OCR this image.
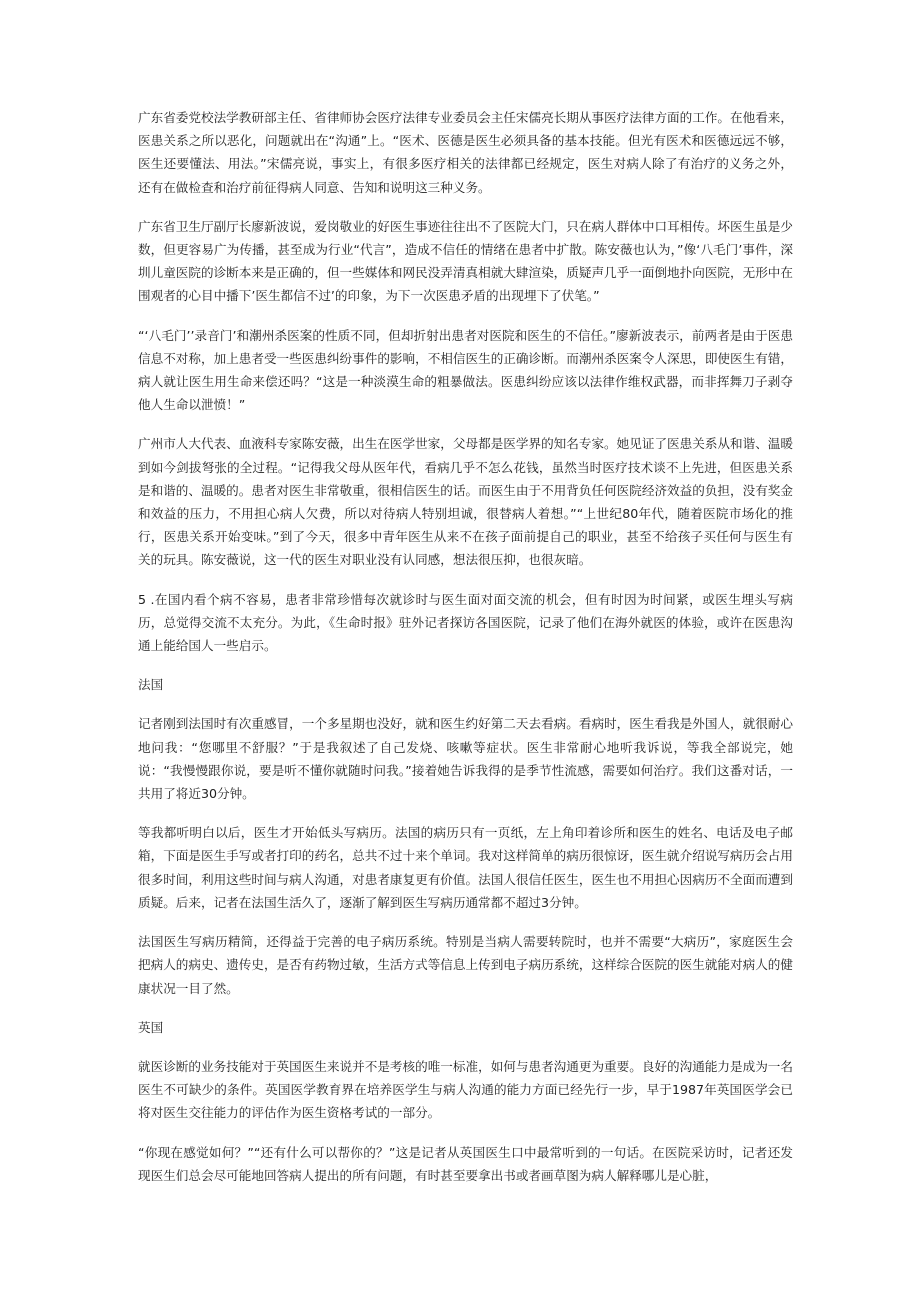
广东省委党校法学教研部主任、省律师协会医疗法律专业委员会主任宋儒亮长期从事医疗法律方面的工作。在他看来，医患关系之所以恶化，问题就出在“沟通”上。“医术、医德是医生必须具备的基本技能。但光有医术和医德远远不够，医生还要懂法、用法。”宋儒亮说，事实上，有很多医疗相关的法律都已经规定，医生对病人除了有治疗的义务之外，还有在做检查和治疗前征得病人同意、告知和说明这三种义务。

广东省卫生厅副厅长廖新波说，爱岗敬业的好医生事迹往往出不了医院大门，只在病人群体中口耳相传。坏医生虽是少数，但更容易广为传播，甚至成为行业“代言”，造成不信任的情绪在患者中扩散。陈安薇也认为，”像‘八毛门’事件，深圳儿童医院的诊断本来是正确的，但一些媒体和网民没弄清真相就大肆渲染，质疑声几乎一面倒地扑向医院，无形中在围观者的心目中播下’医生都信不过’的印象，为下一次医患矛盾的出现埋下了伏笔。”

“‘八毛门’’录音门’和潮州杀医案的性质不同，但却折射出患者对医院和医生的不信任。”廖新波表示，前两者是由于医患信息不对称，加上患者受一些医患纠纷事件的影响，不相信医生的正确诊断。而潮州杀医案令人深思，即使医生有错，病人就让医生用生命来偿还吗？“这是一种淡漠生命的粗暴做法。医患纠纷应该以法律作维权武器，而非挥舞刀子剥夺他人生命以泄愤！”

广州市人大代表、血液科专家陈安薇，出生在医学世家，父母都是医学界的知名专家。她见证了医患关系从和谐、温暖到如今剑拔弩张的全过程。“记得我父母从医年代，看病几乎不怎么花钱，虽然当时医疗技术谈不上先进，但医患关系是和谐的、温暖的。患者对医生非常敬重，很相信医生的话。而医生由于不用背负任何医院经济效益的负担，没有奖金和效益的压力，不用担心病人欠费，所以对待病人特别坦诚，很替病人着想。”“上世纪80年代，随着医院市场化的推行，医患关系开始变味。”到了今天，很多中青年医生从来不在孩子面前提自己的职业，甚至不给孩子买任何与医生有关的玩具。陈安薇说，这一代的医生对职业没有认同感，想法很压抑，也很灰暗。

5 .在国内看个病不容易，患者非常珍惜每次就诊时与医生面对面交流的机会，但有时因为时间紧，或医生埋头写病历，总觉得交流不太充分。为此，《生命时报》驻外记者探访各国医院，记录了他们在海外就医的体验，或许在医患沟通上能给国人一些启示。

法国

记者刚到法国时有次重感冒，一个多星期也没好，就和医生约好第二天去看病。看病时，医生看我是外国人，就很耐心地问我：“您哪里不舒服？”于是我叙述了自己发烧、咳嗽等症状。医生非常耐心地听我诉说，等我全部说完，她说：“我慢慢跟你说，要是听不懂你就随时问我。”接着她告诉我得的是季节性流感，需要如何治疗。我们这番对话，一共用了将近30分钟。

等我都听明白以后，医生才开始低头写病历。法国的病历只有一页纸，左上角印着诊所和医生的姓名、电话及电子邮箱，下面是医生手写或者打印的药名，总共不过十来个单词。我对这样简单的病历很惊讶，医生就介绍说写病历会占用很多时间，利用这些时间与病人沟通，对患者康复更有价值。法国人很信任医生，医生也不用担心因病历不全面而遭到质疑。后来，记者在法国生活久了，逐渐了解到医生写病历通常都不超过3分钟。

法国医生写病历精简，还得益于完善的电子病历系统。特别是当病人需要转院时，也并不需要“大病历”，家庭医生会把病人的病史、遗传史，是否有药物过敏，生活方式等信息上传到电子病历系统，这样综合医院的医生就能对病人的健康状况一目了然。

英国

就医诊断的业务技能对于英国医生来说并不是考核的唯一标准，如何与患者沟通更为重要。良好的沟通能力是成为一名医生不可缺少的条件。英国医学教育界在培养医学生与病人沟通的能力方面已经先行一步，早于1987年英国医学会已将对医生交往能力的评估作为医生资格考试的一部分。

“你现在感觉如何？”“还有什么可以帮你的？”这是记者从英国医生口中最常听到的一句话。在医院采访时，记者还发现医生们总会尽可能地回答病人提出的所有问题，有时甚至要拿出书或者画草图为病人解释哪儿是心脏，
